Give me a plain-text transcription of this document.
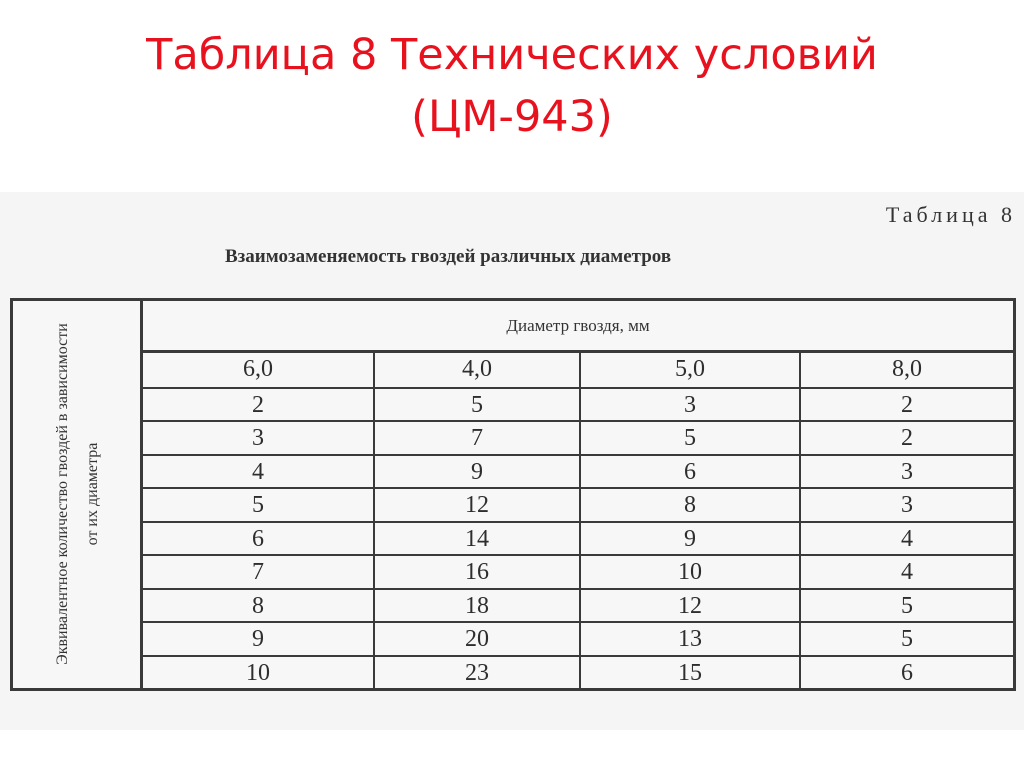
Таблица 8 Технических условий
(ЦМ-943)
Таблица 8
Взаимозаменяемость гвоздей различных диаметров
Эквивалентное количество гвоздей в зависимости от их диаметра
Диаметр гвоздя, мм
6,0	4,0	5,0	8,0
2	5	3	2
3	7	5	2
4	9	6	3
5	12	8	3
6	14	9	4
7	16	10	4
8	18	12	5
9	20	13	5
10	23	15	6
